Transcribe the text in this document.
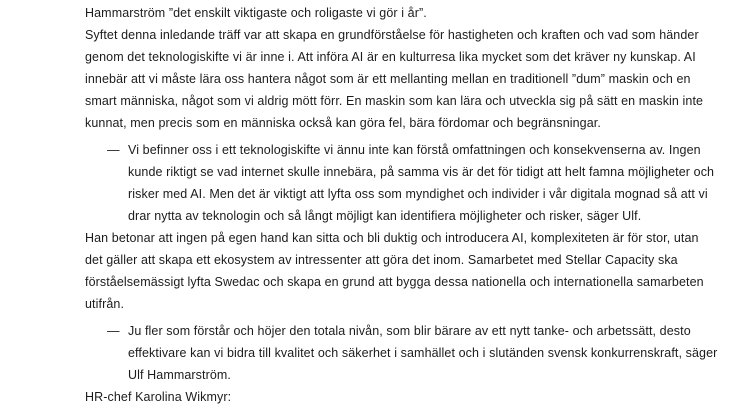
Hammarström ”det enskilt viktigaste och roligaste vi gör i år”.

Syftet denna inledande träff var att skapa en grundförståelse för hastigheten och kraften och vad som händer genom det teknologiskifte vi är inne i. Att införa AI är en kulturresa lika mycket som det kräver ny kunskap. AI innebär att vi måste lära oss hantera något som är ett mellanting mellan en traditionell ”dum” maskin och en smart människa, något som vi aldrig mött förr. En maskin som kan lära och utveckla sig på sätt en maskin inte kunnat, men precis som en människa också kan göra fel, bära fördomar och begränsningar.

— Vi befinner oss i ett teknologiskifte vi ännu inte kan förstå omfattningen och konsekvenserna av. Ingen kunde riktigt se vad internet skulle innebära, på samma vis är det för tidigt att helt famna möjligheter och risker med AI. Men det är viktigt att lyfta oss som myndighet och individer i vår digitala mognad så att vi drar nytta av teknologin och så långt möjligt kan identifiera möjligheter och risker, säger Ulf.

Han betonar att ingen på egen hand kan sitta och bli duktig och introducera AI, komplexiteten är för stor, utan det gäller att skapa ett ekosystem av intressenter att göra det inom. Samarbetet med Stellar Capacity ska förståelsemässigt lyfta Swedac och skapa en grund att bygga dessa nationella och internationella samarbeten utifrån.

— Ju fler som förstår och höjer den totala nivån, som blir bärare av ett nytt tanke- och arbetssätt, desto effektivare kan vi bidra till kvalitet och säkerhet i samhället och i slutänden svensk konkurrenskraft, säger Ulf Hammarström.

HR-chef Karolina Wikmyr:
